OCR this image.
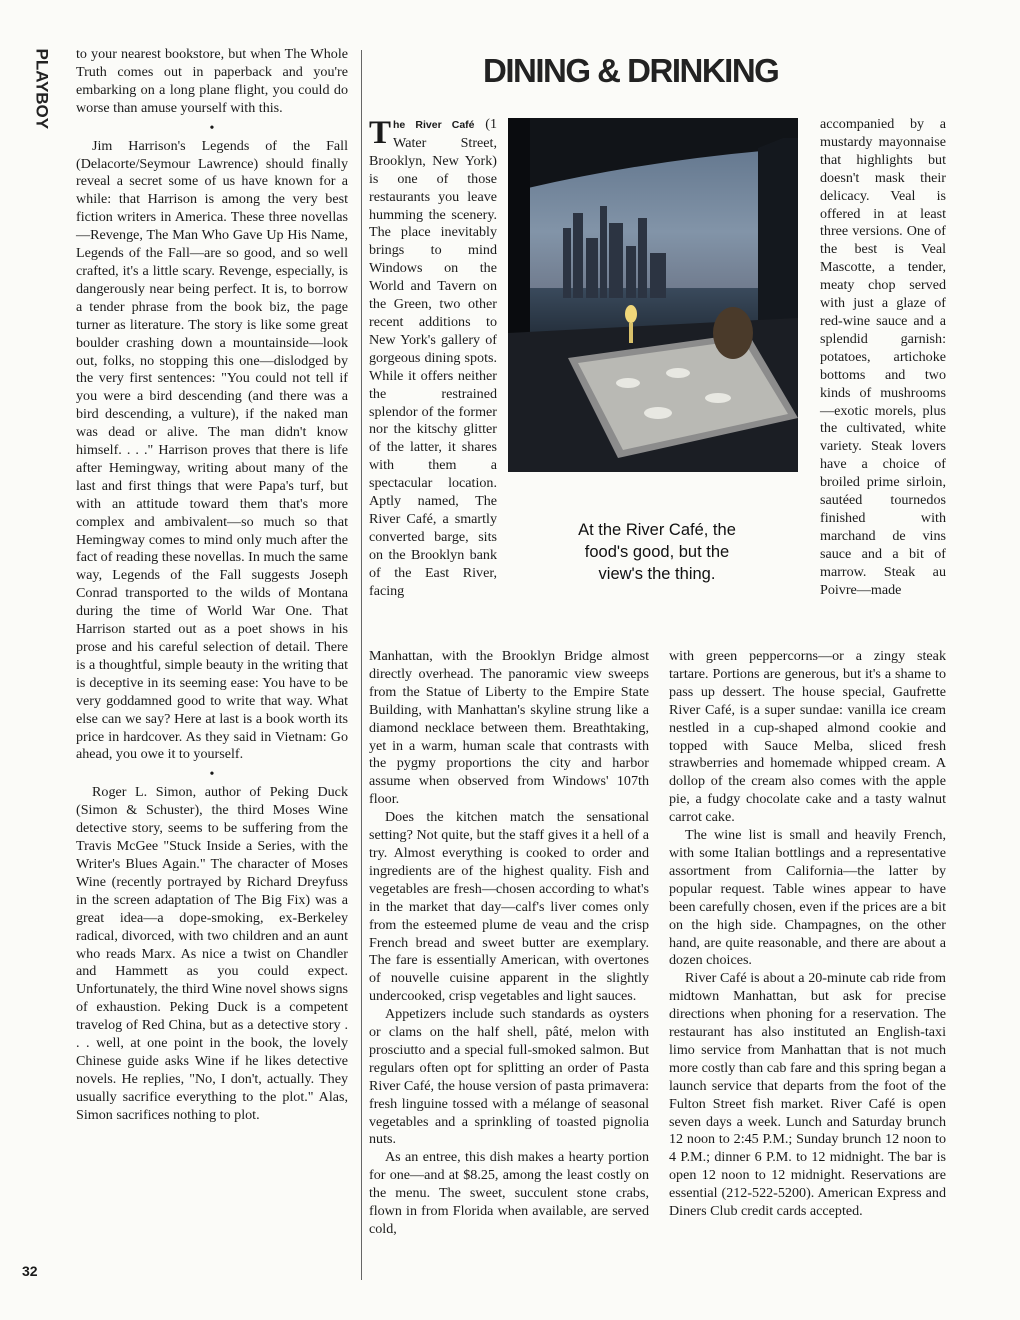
PLAYBOY
32

to your nearest bookstore, but when The Whole Truth comes out in paperback and you're embarking on a long plane flight, you could do worse than amuse yourself with this.

•

Jim Harrison's Legends of the Fall (Delacorte/Seymour Lawrence) should finally reveal a secret some of us have known for a while: that Harrison is among the very best fiction writers in America. These three novellas—Revenge, The Man Who Gave Up His Name, Legends of the Fall—are so good, and so well crafted, it's a little scary. Revenge, especially, is dangerously near being perfect. It is, to borrow a tender phrase from the book biz, the page turner as literature. The story is like some great boulder crashing down a mountainside—look out, folks, no stopping this one—dislodged by the very first sentences: "You could not tell if you were a bird descending (and there was a bird descending, a vulture), if the naked man was dead or alive. The man didn't know himself. . . ." Harrison proves that there is life after Hemingway, writing about many of the last and first things that were Papa's turf, but with an attitude toward them that's more complex and ambivalent—so much so that Hemingway comes to mind only much after the fact of reading these novellas. In much the same way, Legends of the Fall suggests Joseph Conrad transported to the wilds of Montana during the time of World War One. That Harrison started out as a poet shows in his prose and his careful selection of detail. There is a thoughtful, simple beauty in the writing that is deceptive in its seeming ease: You have to be very goddamned good to write that way. What else can we say? Here at last is a book worth its price in hardcover. As they said in Vietnam: Go ahead, you owe it to yourself.

•

Roger L. Simon, author of Peking Duck (Simon & Schuster), the third Moses Wine detective story, seems to be suffering from the Travis McGee "Stuck Inside a Series, with the Writer's Blues Again." The character of Moses Wine (recently portrayed by Richard Dreyfuss in the screen adaptation of The Big Fix) was a great idea—a dope-smoking, ex-Berkeley radical, divorced, with two children and an aunt who reads Marx. As nice a twist on Chandler and Hammett as you could expect. Unfortunately, the third Wine novel shows signs of exhaustion. Peking Duck is a competent travelog of Red China, but as a detective story . . . well, at one point in the book, the lovely Chinese guide asks Wine if he likes detective novels. He replies, "No, I don't, actually. They usually sacrifice everything to the plot." Alas, Simon sacrifices nothing to plot.

DINING & DRINKING
At the River Café, the food's good, but the view's the thing.

The River Café (1 Water Street, Brooklyn, New York) is one of those restaurants you leave humming the scenery. The place inevitably brings to mind Windows on the World and Tavern on the Green, two other recent additions to New York's gallery of gorgeous dining spots. While it offers neither the restrained splendor of the former nor the kitschy glitter of the latter, it shares with them a spectacular location. Aptly named, The River Café, a smartly converted barge, sits on the Brooklyn bank of the East River, facing

accompanied by a mustardy mayonnaise that highlights but doesn't mask their delicacy. Veal is offered in at least three versions. One of the best is Veal Mascotte, a tender, meaty chop served with just a glaze of red-wine sauce and a splendid garnish: potatoes, artichoke bottoms and two kinds of mushrooms—exotic morels, plus the cultivated, white variety. Steak lovers have a choice of broiled prime sirloin, sautéed tournedos finished with marchand de vins sauce and a bit of marrow. Steak au Poivre—made

Manhattan, with the Brooklyn Bridge almost directly overhead. The panoramic view sweeps from the Statue of Liberty to the Empire State Building, with Manhattan's skyline strung like a diamond necklace between them. Breathtaking, yet in a warm, human scale that contrasts with the pygmy proportions the city and harbor assume when observed from Windows' 107th floor.

Does the kitchen match the sensational setting? Not quite, but the staff gives it a hell of a try. Almost everything is cooked to order and ingredients are of the highest quality. Fish and vegetables are fresh—chosen according to what's in the market that day—calf's liver comes only from the esteemed plume de veau and the crisp French bread and sweet butter are exemplary. The fare is essentially American, with overtones of nouvelle cuisine apparent in the slightly undercooked, crisp vegetables and light sauces.

Appetizers include such standards as oysters or clams on the half shell, pâté, melon with prosciutto and a special full-smoked salmon. But regulars often opt for splitting an order of Pasta River Café, the house version of pasta primavera: fresh linguine tossed with a mélange of seasonal vegetables and a sprinkling of toasted pignolia nuts.

As an entree, this dish makes a hearty portion for one—and at $8.25, among the least costly on the menu. The sweet, succulent stone crabs, flown in from Florida when available, are served cold,

with green peppercorns—or a zingy steak tartare. Portions are generous, but it's a shame to pass up dessert. The house special, Gaufrette River Café, is a super sundae: vanilla ice cream nestled in a cup-shaped almond cookie and topped with Sauce Melba, sliced fresh strawberries and homemade whipped cream. A dollop of the cream also comes with the apple pie, a fudgy chocolate cake and a tasty walnut carrot cake.

The wine list is small and heavily French, with some Italian bottlings and a representative assortment from California—the latter by popular request. Table wines appear to have been carefully chosen, even if the prices are a bit on the high side. Champagnes, on the other hand, are quite reasonable, and there are about a dozen choices.

River Café is about a 20-minute cab ride from midtown Manhattan, but ask for precise directions when phoning for a reservation. The restaurant has also instituted an English-taxi limo service from Manhattan that is not much more costly than cab fare and this spring began a launch service that departs from the foot of the Fulton Street fish market. River Café is open seven days a week. Lunch and Saturday brunch 12 noon to 2:45 P.M.; Sunday brunch 12 noon to 4 P.M.; dinner 6 P.M. to 12 midnight. The bar is open 12 noon to 12 midnight. Reservations are essential (212-522-5200). American Express and Diners Club credit cards accepted.
